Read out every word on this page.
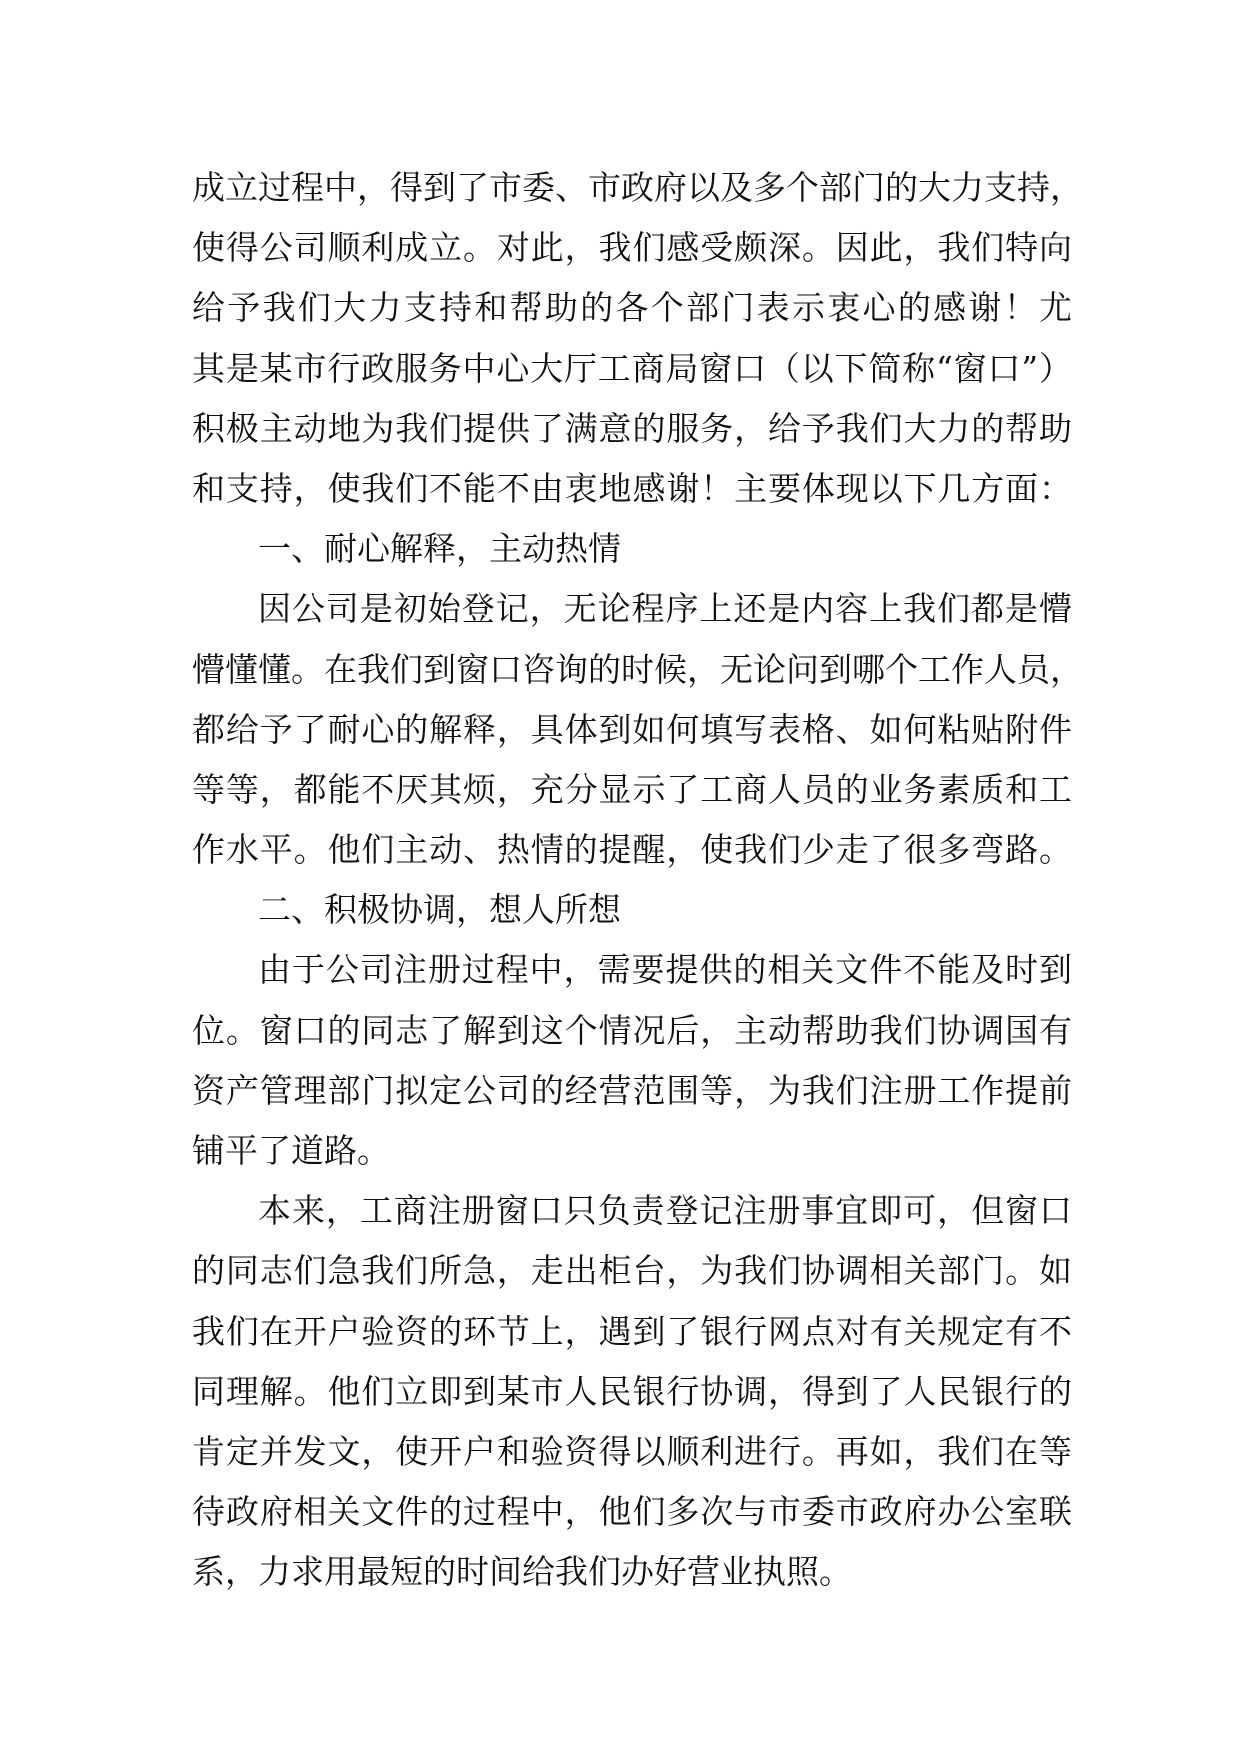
成立过程中，得到了市委、市政府以及多个部门的大力支持，
使得公司顺利成立。对此，我们感受颇深。因此，我们特向
给予我们大力支持和帮助的各个部门表示衷心的感谢！尤
其是某市行政服务中心大厅工商局窗口（以下简称“窗口”）
积极主动地为我们提供了满意的服务，给予我们大力的帮助
和支持，使我们不能不由衷地感谢！主要体现以下几方面：
一、耐心解释，主动热情
因公司是初始登记，无论程序上还是内容上我们都是懵
懵懂懂。在我们到窗口咨询的时候，无论问到哪个工作人员，
都给予了耐心的解释，具体到如何填写表格、如何粘贴附件
等等，都能不厌其烦，充分显示了工商人员的业务素质和工
作水平。他们主动、热情的提醒，使我们少走了很多弯路。
二、积极协调，想人所想
由于公司注册过程中，需要提供的相关文件不能及时到
位。窗口的同志了解到这个情况后，主动帮助我们协调国有
资产管理部门拟定公司的经营范围等，为我们注册工作提前
铺平了道路。
本来，工商注册窗口只负责登记注册事宜即可，但窗口
的同志们急我们所急，走出柜台，为我们协调相关部门。如
我们在开户验资的环节上，遇到了银行网点对有关规定有不
同理解。他们立即到某市人民银行协调，得到了人民银行的
肯定并发文，使开户和验资得以顺利进行。再如，我们在等
待政府相关文件的过程中，他们多次与市委市政府办公室联
系，力求用最短的时间给我们办好营业执照。
